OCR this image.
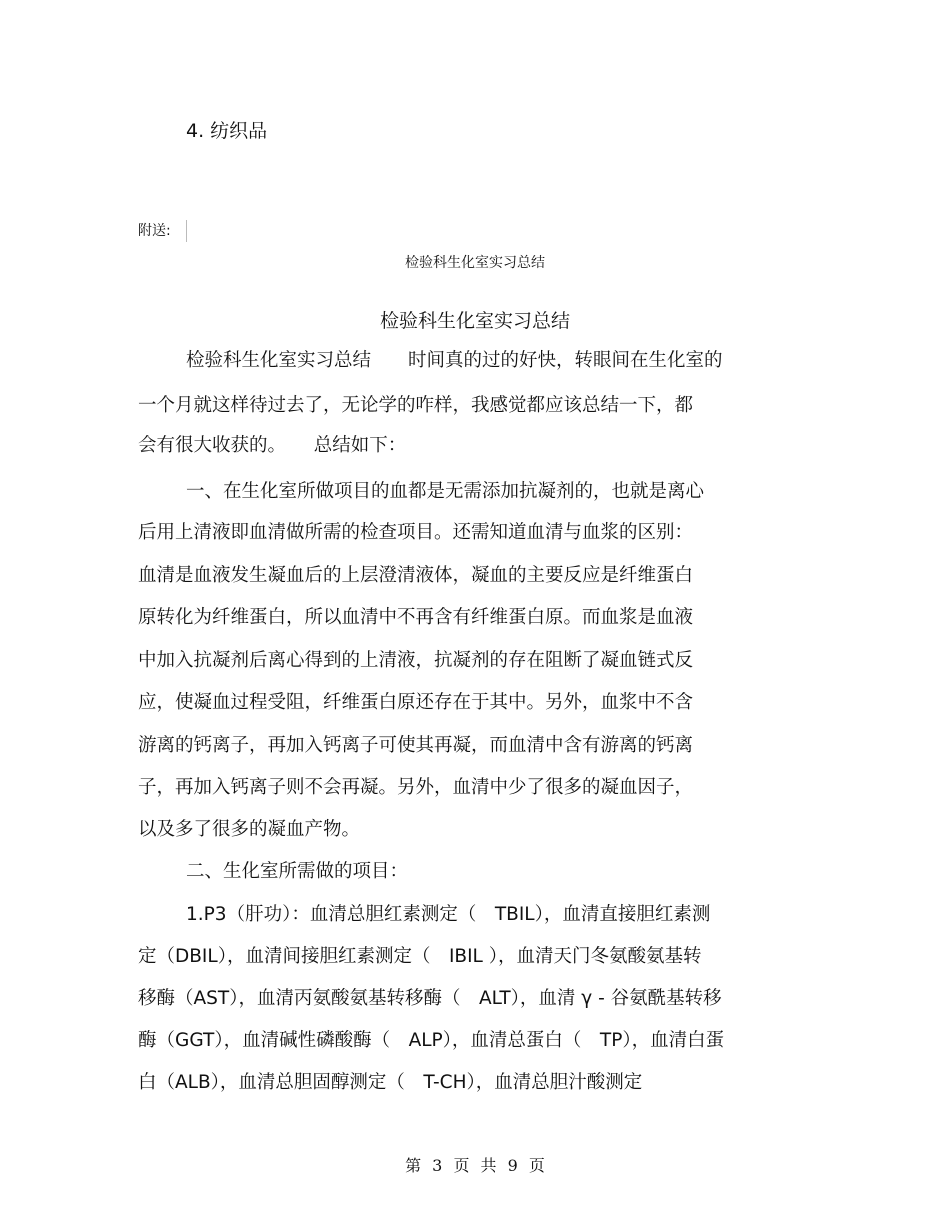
4. 纺织品
附送:
检验科生化室实习总结
检验科生化室实习总结
检验科生化室实习总结　　时间真的过的好快，转眼间在生化室的
一个月就这样待过去了，无论学的咋样，我感觉都应该总结一下，都
会有很大收获的。　　总结如下：
一、在生化室所做项目的血都是无需添加抗凝剂的，也就是离心
后用上清液即血清做所需的检查项目。还需知道血清与血浆的区别：
血清是血液发生凝血后的上层澄清液体，凝血的主要反应是纤维蛋白
原转化为纤维蛋白，所以血清中不再含有纤维蛋白原。而血浆是血液
中加入抗凝剂后离心得到的上清液，抗凝剂的存在阻断了凝血链式反
应，使凝血过程受阻，纤维蛋白原还存在于其中。另外，血浆中不含
游离的钙离子，再加入钙离子可使其再凝，而血清中含有游离的钙离
子，再加入钙离子则不会再凝。另外，血清中少了很多的凝血因子，
以及多了很多的凝血产物。
二、生化室所需做的项目：
1.P3（肝功）：血清总胆红素测定（　TBIL），血清直接胆红素测
定（DBIL），血清间接胆红素测定（　IBIL ），血清天门冬氨酸氨基转
移酶（AST），血清丙氨酸氨基转移酶（　ALT），血清 γ - 谷氨酰基转移
酶（GGT），血清碱性磷酸酶（　ALP），血清总蛋白（　TP），血清白蛋
白（ALB），血清总胆固醇测定（　T-CH），血清总胆汁酸测定
第 3 页 共 9 页
